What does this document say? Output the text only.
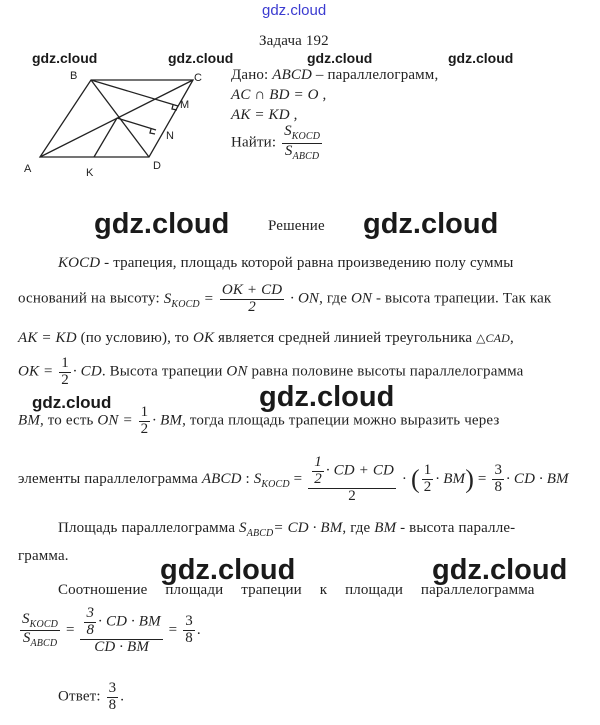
gdz.cloud
gdz.cloud	gdz.cloud	gdz.cloud	gdz.cloud
Задача 192
A
B	C
D
K
M
N
Дано: ABCD – параллелограмм,
AC ∩ BD = O ,
AK = KD ,
Найти: $\frac{S_{KOCD}}{S_{ABCD}}$
gdz.cloud	Решение gdz.cloud
KOCD - трапеция, площадь которой равна произведению полу суммы
оснований на высоту: $S_{KOCD} = \frac{OK + CD}{2}$ · ON, где ON - высота трапеции. Так как
AK = KD (по условию), то OK является средней линией треугольника △CAD,
OK = $\frac{1}{2}$ · CD. Высота трапеции ON равна половине высоты параллелограмма
gdz.cloud	gdz.cloud
BM, то есть ON = $\frac{1}{2}$ · BM, тогда площадь трапеции можно выразить через
элементы параллелограмма ABCD : $S_{KOCD} = \frac{\frac{1}{2} \cdot CD + CD}{2}$ · ( $\frac{1}{2} \cdot BM) = \frac{3}{8}$ · CD · BM
Площадь параллелограмма $S_{ABCD}=$ CD · BM, где BM - высота паралле-
грамма.	gdz.cloud	gdz.cloud
Соотношение площади трапеции к площади параллелограмма
$\frac{S_{KOCD}}{S_{ABCD}} = \frac{\frac{3}{8} \cdot CD \cdot BM}{CD \cdot BM} = \frac{3}{8}$ .
Ответ: $\frac{3}{8}$ .
